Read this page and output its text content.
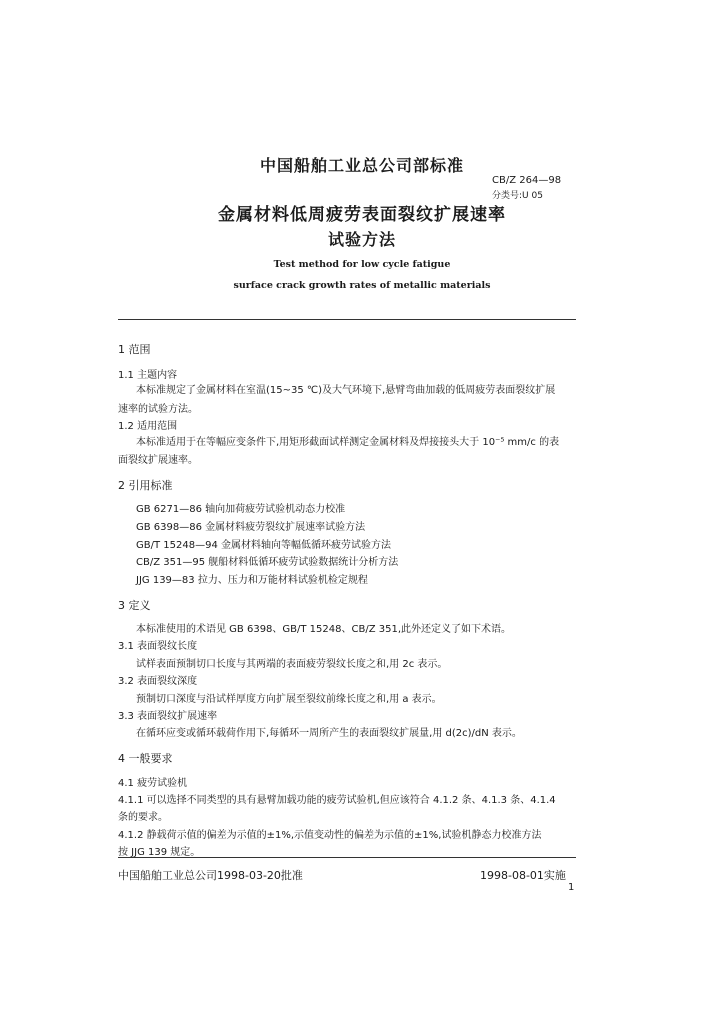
中国船舶工业总公司部标准
CB/Z 264—98
分类号:U 05
金属材料低周疲劳表面裂纹扩展速率
试验方法
Test method for low cycle fatigue
surface crack growth rates of metallic materials
1 范围
1.1 主题内容
本标准规定了金属材料在室温(15~35 ℃)及大气环境下,悬臂弯曲加载的低周疲劳表面裂纹扩展
速率的试验方法。
1.2 适用范围
本标准适用于在等幅应变条件下,用矩形截面试样测定金属材料及焊接接头大于 10⁻⁵ mm/c 的表
面裂纹扩展速率。
2 引用标准
GB 6271—86 轴向加荷疲劳试验机动态力校准
GB 6398—86 金属材料疲劳裂纹扩展速率试验方法
GB/T 15248—94 金属材料轴向等幅低循环疲劳试验方法
CB/Z 351—95 舰船材料低循环疲劳试验数据统计分析方法
JJG 139—83 拉力、压力和万能材料试验机检定规程
3 定义
本标准使用的术语见 GB 6398、GB/T 15248、CB/Z 351,此外还定义了如下术语。
3.1 表面裂纹长度
试样表面预制切口长度与其两端的表面疲劳裂纹长度之和,用 2c 表示。
3.2 表面裂纹深度
预制切口深度与沿试样厚度方向扩展至裂纹前缘长度之和,用 a 表示。
3.3 表面裂纹扩展速率
在循环应变或循环载荷作用下,每循环一周所产生的表面裂纹扩展量,用 d(2c)/dN 表示。
4 一般要求
4.1 疲劳试验机
4.1.1 可以选择不同类型的具有悬臂加载功能的疲劳试验机,但应该符合 4.1.2 条、4.1.3 条、4.1.4
条的要求。
4.1.2 静载荷示值的偏差为示值的±1%,示值变动性的偏差为示值的±1%,试验机静态力校准方法
按 JJG 139 规定。
中国船舶工业总公司1998-03-20批准	1998-08-01实施
1
